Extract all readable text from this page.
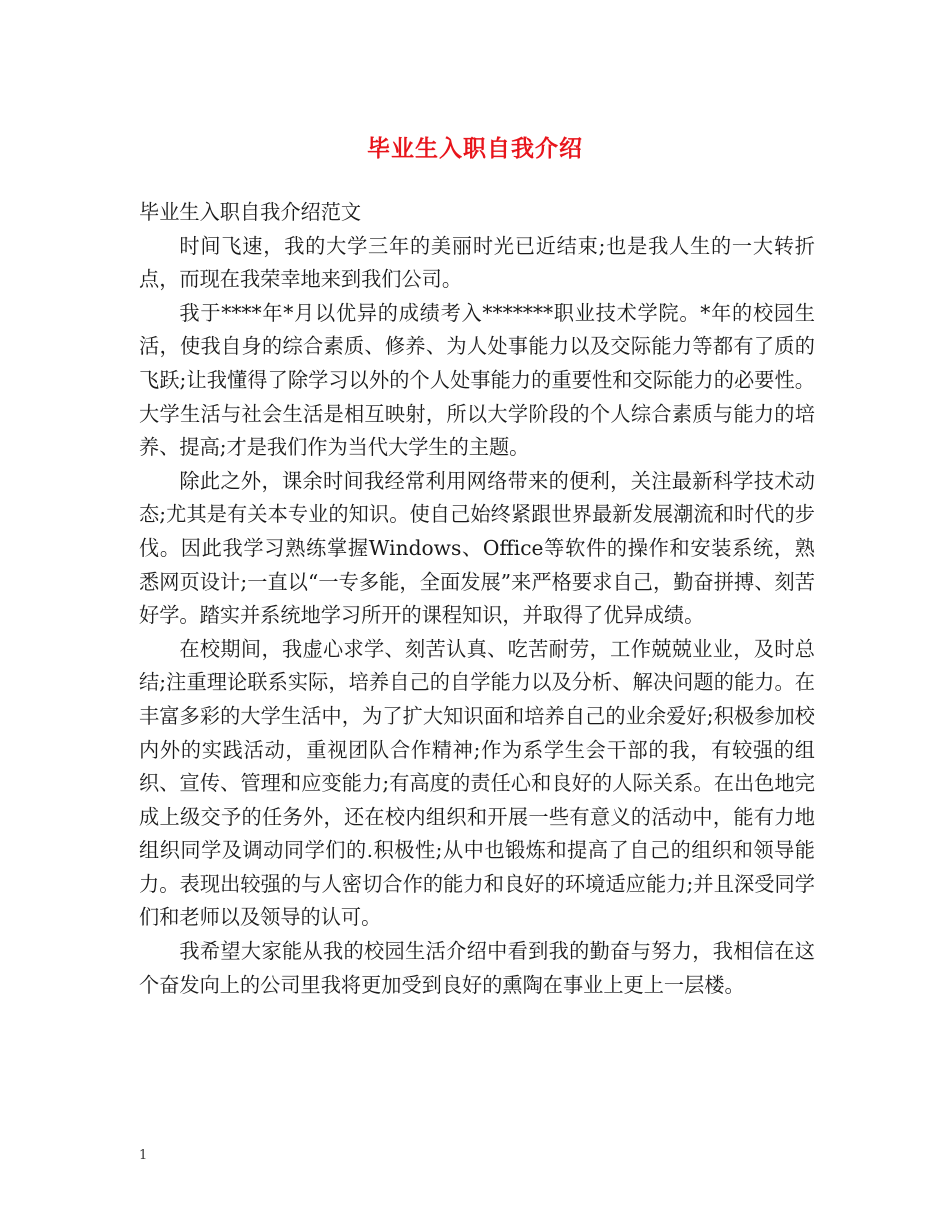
毕业生入职自我介绍

毕业生入职自我介绍范文

时间飞速，我的大学三年的美丽时光已近结束;也是我人生的一大转折点，而现在我荣幸地来到我们公司。

我于****年*月以优异的成绩考入*******职业技术学院。*年的校园生活，使我自身的综合素质、修养、为人处事能力以及交际能力等都有了质的飞跃;让我懂得了除学习以外的个人处事能力的重要性和交际能力的必要性。大学生活与社会生活是相互映射，所以大学阶段的个人综合素质与能力的培养、提高;才是我们作为当代大学生的主题。

除此之外，课余时间我经常利用网络带来的便利，关注最新科学技术动态;尤其是有关本专业的知识。使自己始终紧跟世界最新发展潮流和时代的步伐。因此我学习熟练掌握Windows、Office等软件的操作和安装系统，熟悉网页设计;一直以“一专多能，全面发展”来严格要求自己，勤奋拼搏、刻苦好学。踏实并系统地学习所开的课程知识，并取得了优异成绩。

在校期间，我虚心求学、刻苦认真、吃苦耐劳，工作兢兢业业，及时总结;注重理论联系实际，培养自己的自学能力以及分析、解决问题的能力。在丰富多彩的大学生活中，为了扩大知识面和培养自己的业余爱好;积极参加校内外的实践活动，重视团队合作精神;作为系学生会干部的我，有较强的组织、宣传、管理和应变能力;有高度的责任心和良好的人际关系。在出色地完成上级交予的任务外，还在校内组织和开展一些有意义的活动中，能有力地组织同学及调动同学们的.积极性;从中也锻炼和提高了自己的组织和领导能力。表现出较强的与人密切合作的能力和良好的环境适应能力;并且深受同学们和老师以及领导的认可。

我希望大家能从我的校园生活介绍中看到我的勤奋与努力，我相信在这个奋发向上的公司里我将更加受到良好的熏陶在事业上更上一层楼。

1
